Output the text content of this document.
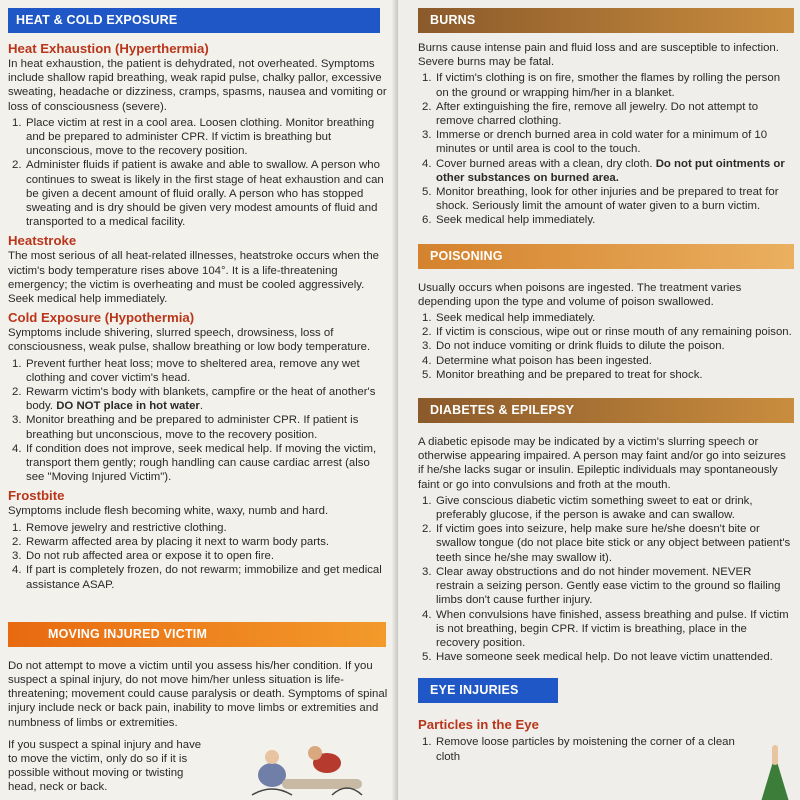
HEAT & COLD EXPOSURE
Heat Exhaustion (Hyperthermia)

In heat exhaustion, the patient is dehydrated, not overheated. Symptoms include shallow rapid breathing, weak rapid pulse, chalky pallor, excessive sweating, headache or dizziness, cramps, spasms, nausea and vomiting or loss of consciousness (severe).

1. Place victim at rest in a cool area. Loosen clothing. Monitor breathing and be prepared to administer CPR. If victim is breathing but unconscious, move to the recovery position.
2. Administer fluids if patient is awake and able to swallow. A person who continues to sweat is likely in the first stage of heat exhaustion and can be given a decent amount of fluid orally. A person who has stopped sweating and is dry should be given very modest amounts of fluid and transported to a medical facility.
Heatstroke

The most serious of all heat-related illnesses, heatstroke occurs when the victim's body temperature rises above 104°. It is a life-threatening emergency; the victim is overheating and must be cooled aggressively. Seek medical help immediately.

Cold Exposure (Hypothermia)

Symptoms include shivering, slurred speech, drowsiness, loss of consciousness, weak pulse, shallow breathing or low body temperature.

1. Prevent further heat loss; move to sheltered area, remove any wet clothing and cover victim's head.
2. Rewarm victim's body with blankets, campfire or the heat of another's body. DO NOT place in hot water.
3. Monitor breathing and be prepared to administer CPR. If patient is breathing but unconscious, move to the recovery position.
4. If condition does not improve, seek medical help. If moving the victim, transport them gently; rough handling can cause cardiac arrest (also see "Moving Injured Victim").
Frostbite

Symptoms include flesh becoming white, waxy, numb and hard.

1. Remove jewelry and restrictive clothing.
2. Rewarm affected area by placing it next to warm body parts.
3. Do not rub affected area or expose it to open fire.
4. If part is completely frozen, do not rewarm; immobilize and get medical assistance ASAP.
MOVING INJURED VICTIM

Do not attempt to move a victim until you assess his/her condition. If you suspect a spinal injury, do not move him/her unless situation is life-threatening; movement could cause paralysis or death. Symptoms of spinal injury include neck or back pain, inability to move limbs or extremities and numbness of limbs or extremities.

If you suspect a spinal injury and have to move the victim, only do so if it is possible without moving or twisting head, neck or back.

BURNS

Burns cause intense pain and fluid loss and are susceptible to infection. Severe burns may be fatal.

1. If victim's clothing is on fire, smother the flames by rolling the person on the ground or wrapping him/her in a blanket.
2. After extinguishing the fire, remove all jewelry. Do not attempt to remove charred clothing.
3. Immerse or drench burned area in cold water for a minimum of 10 minutes or until area is cool to the touch.
4. Cover burned areas with a clean, dry cloth. Do not put ointments or other substances on burned area.
5. Monitor breathing, look for other injuries and be prepared to treat for shock. Seriously limit the amount of water given to a burn victim.
6. Seek medical help immediately.
POISONING

Usually occurs when poisons are ingested. The treatment varies depending upon the type and volume of poison swallowed.

1. Seek medical help immediately.
2. If victim is conscious, wipe out or rinse mouth of any remaining poison.
3. Do not induce vomiting or drink fluids to dilute the poison.
4. Determine what poison has been ingested.
5. Monitor breathing and be prepared to treat for shock.
DIABETES & EPILEPSY

A diabetic episode may be indicated by a victim's slurring speech or otherwise appearing impaired. A person may faint and/or go into seizures if he/she lacks sugar or insulin. Epileptic individuals may spontaneously faint or go into convulsions and froth at the mouth.

1. Give conscious diabetic victim something sweet to eat or drink, preferably glucose, if the person is awake and can swallow.
2. If victim goes into seizure, help make sure he/she doesn't bite or swallow tongue (do not place bite stick or any object between patient's teeth since he/she may swallow it).
3. Clear away obstructions and do not hinder movement. NEVER restrain a seizing person. Gently ease victim to the ground so flailing limbs don't cause further injury.
4. When convulsions have finished, assess breathing and pulse. If victim is not breathing, begin CPR. If victim is breathing, place in the recovery position.
5. Have someone seek medical help. Do not leave victim unattended.
EYE INJURIES
Particles in the Eye
1. Remove loose particles by moistening the corner of a clean cloth
